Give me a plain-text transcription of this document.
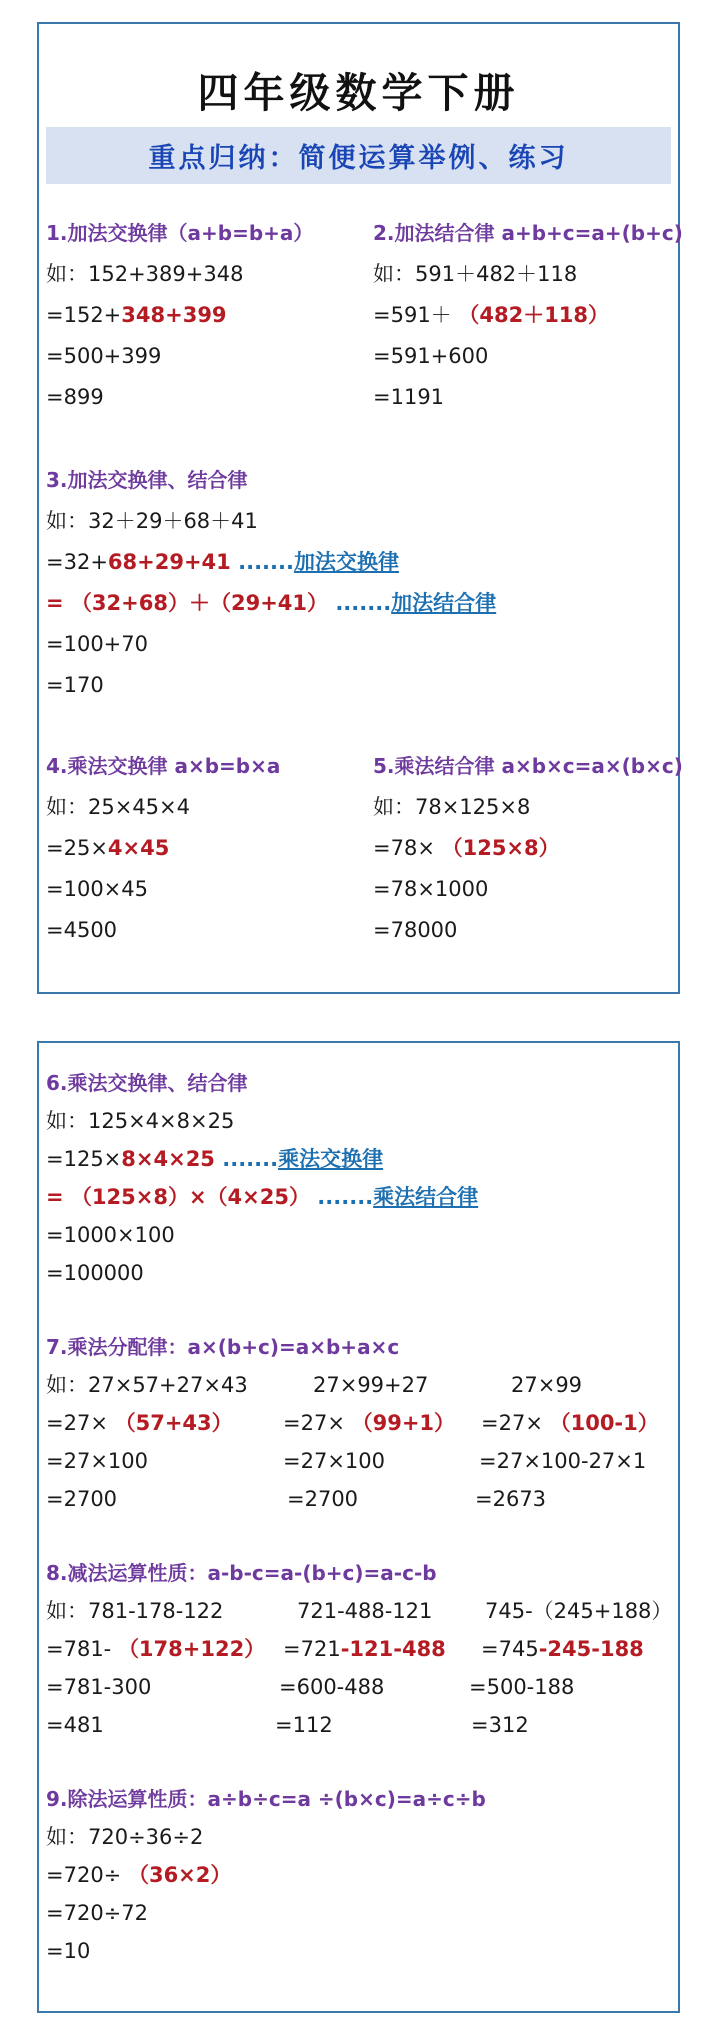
四年级数学下册
重点归纳：简便运算举例、练习
1.加法交换律（a+b=b+a）
如：152+389+348
=152+348+399
=500+399
=899
2.加法结合律 a+b+c=a+(b+c)
如：591＋482＋118
=591＋ （482＋118）
=591+600
=1191
3.加法交换律、结合律
如：32＋29＋68＋41
=32+68+29+41 .......加法交换律
= （32+68）＋（29+41） .......加法结合律
=100+70
=170
4.乘法交换律 a×b=b×a
如：25×45×4
=25×4×45
=100×45
=4500
5.乘法结合律 a×b×c=a×(b×c)
如：78×125×8
=78× （125×8）
=78×1000
=78000
6.乘法交换律、结合律
如：125×4×8×25
=125×8×4×25 .......乘法交换律
= （125×8）×（4×25） .......乘法结合律
=1000×100
=100000
7.乘法分配律：a×(b+c)=a×b+a×c
如：27×57+27×43
=27× （57+43）
=27×100
=2700
27×99+27
=27× （99+1）
=27×100
=2700
27×99
=27× （100-1）
=27×100-27×1
=2673
8.减法运算性质：a-b-c=a-(b+c)=a-c-b
如：781-178-122
=781- （178+122）
=781-300
=481
721-488-121
=721-121-488
=600-488
=112
745-（245+188）
=745-245-188
=500-188
=312
9.除法运算性质：a÷b÷c=a ÷(b×c)=a÷c÷b
如：720÷36÷2
=720÷ （36×2）
=720÷72
=10
